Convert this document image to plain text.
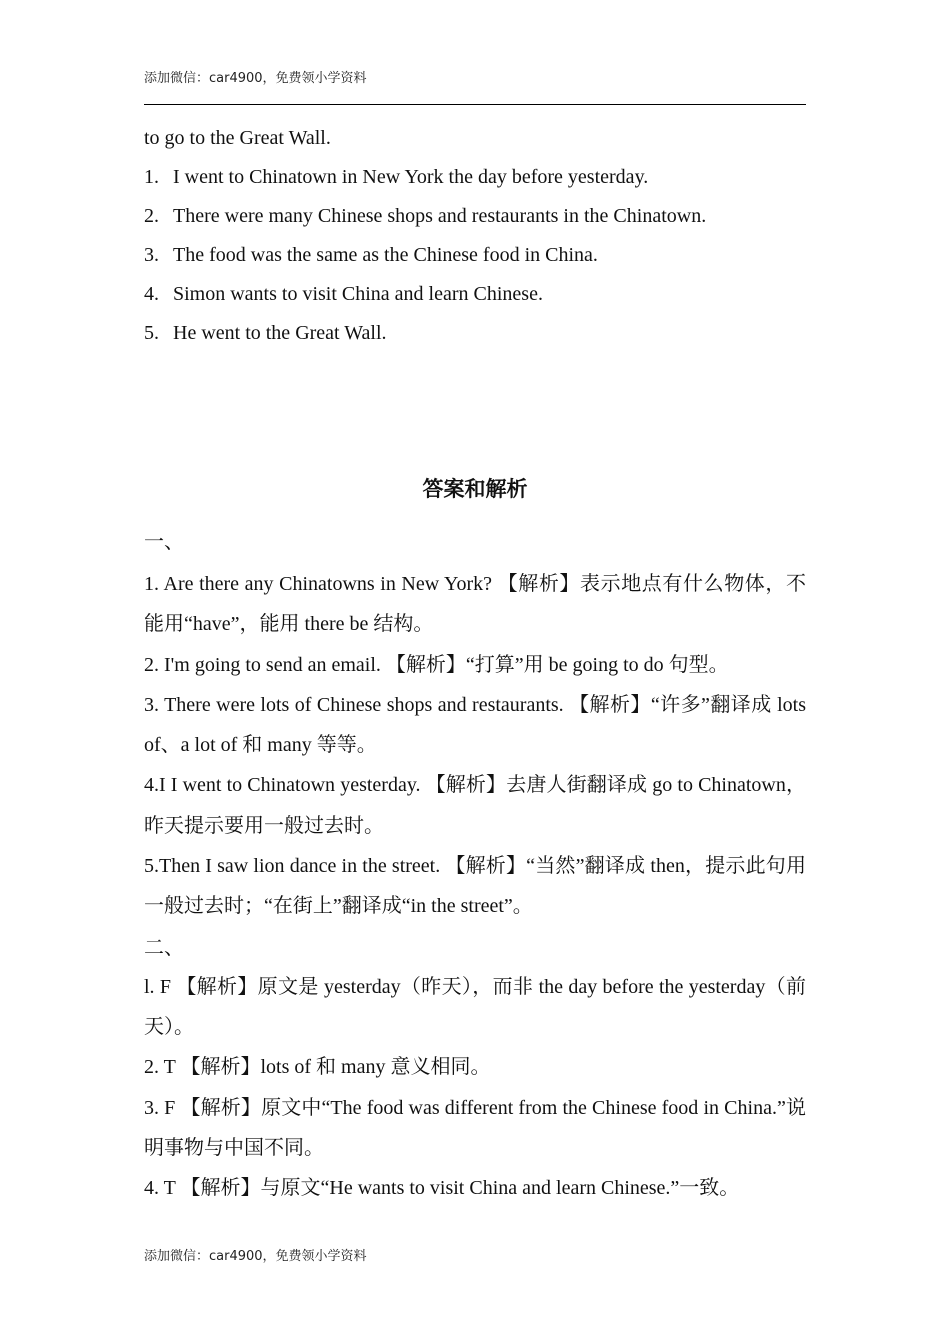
添加微信：car4900，免费领小学资料
to go to the Great Wall.
1. I went to Chinatown in New York the day before yesterday.
2. There were many Chinese shops and restaurants in the Chinatown.
3. The food was the same as the Chinese food in China.
4. Simon wants to visit China and learn Chinese.
5. He went to the Great Wall.
答案和解析
一、
1. Are there any Chinatowns in New York? 【解析】表示地点有什么物体，不能用“have”，能用 there be 结构。
2. I'm going to send an email. 【解析】“打算”用 be going to do 句型。
3. There were lots of Chinese shops and restaurants. 【解析】“许多”翻译成 lots of、a lot of 和 many 等等。
4.I I went to Chinatown yesterday. 【解析】去唐人街翻译成 go to Chinatown，昨天提示要用一般过去时。
5.Then I saw lion dance in the street. 【解析】“当然”翻译成 then，提示此句用一般过去时；“在街上”翻译成“in the street”。
二、
l. F 【解析】原文是 yesterday（昨天），而非 the day before the yesterday（前天）。
2. T 【解析】lots of 和 many 意义相同。
3. F 【解析】原文中“The food was different from the Chinese food in China.”说明事物与中国不同。
4. T 【解析】与原文“He wants to visit China and learn Chinese.”一致。
添加微信：car4900，免费领小学资料
